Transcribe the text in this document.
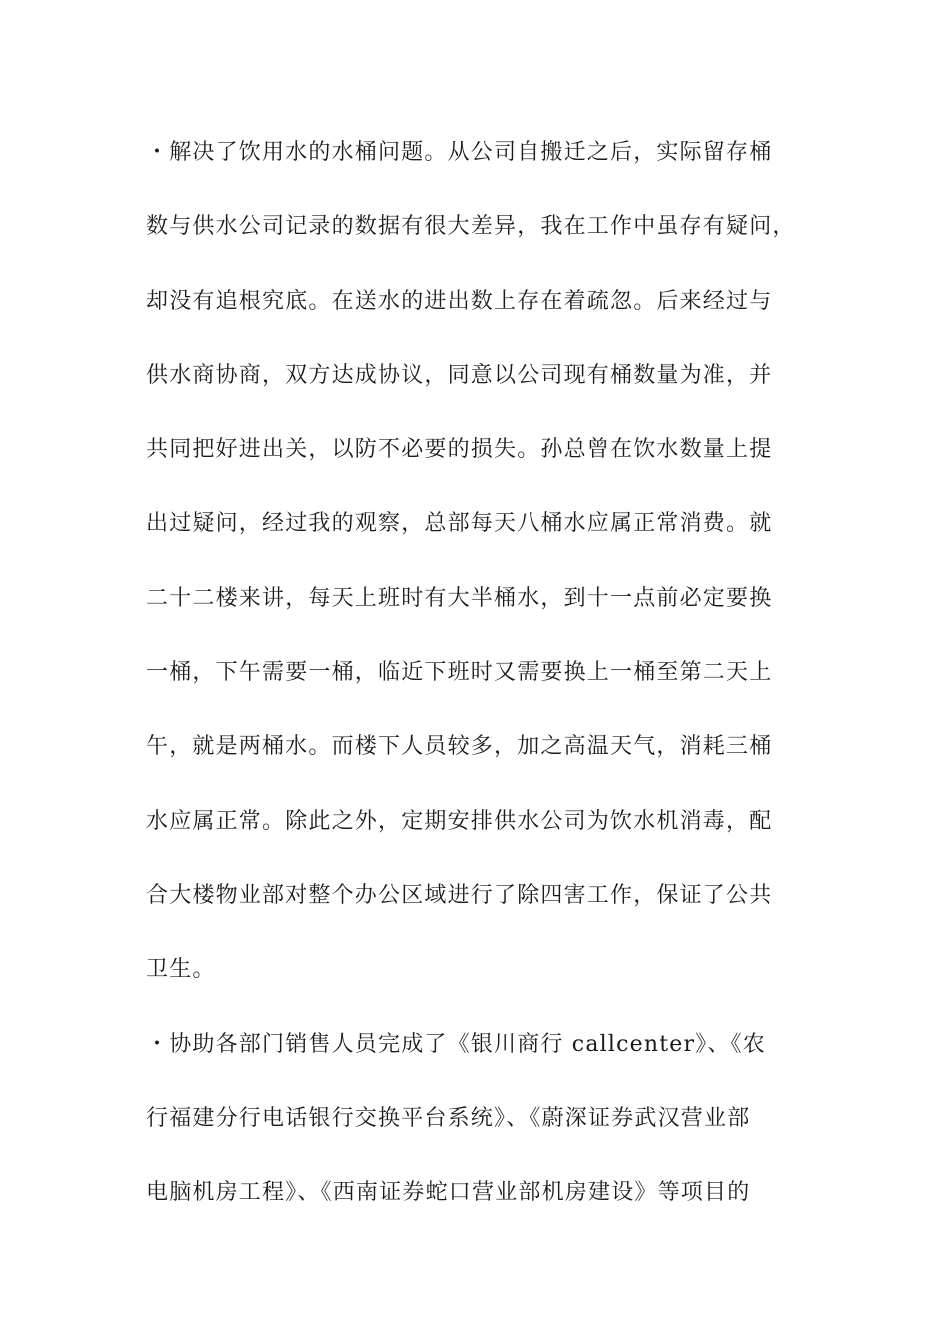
・解决了饮用水的水桶问题。从公司自搬迁之后，实际留存桶
数与供水公司记录的数据有很大差异，我在工作中虽存有疑问，
却没有追根究底。在送水的进出数上存在着疏忽。后来经过与
供水商协商，双方达成协议，同意以公司现有桶数量为准，并
共同把好进出关，以防不必要的损失。孙总曾在饮水数量上提
出过疑问，经过我的观察，总部每天八桶水应属正常消费。就
二十二楼来讲，每天上班时有大半桶水，到十一点前必定要换
一桶，下午需要一桶，临近下班时又需要换上一桶至第二天上
午，就是两桶水。而楼下人员较多，加之高温天气，消耗三桶
水应属正常。除此之外，定期安排供水公司为饮水机消毒，配
合大楼物业部对整个办公区域进行了除四害工作，保证了公共
卫生。
・协助各部门销售人员完成了《银川商行 callcenter》、《农
行福建分行电话银行交换平台系统》、《蔚深证券武汉营业部
电脑机房工程》、《西南证券蛇口营业部机房建设》等项目的
